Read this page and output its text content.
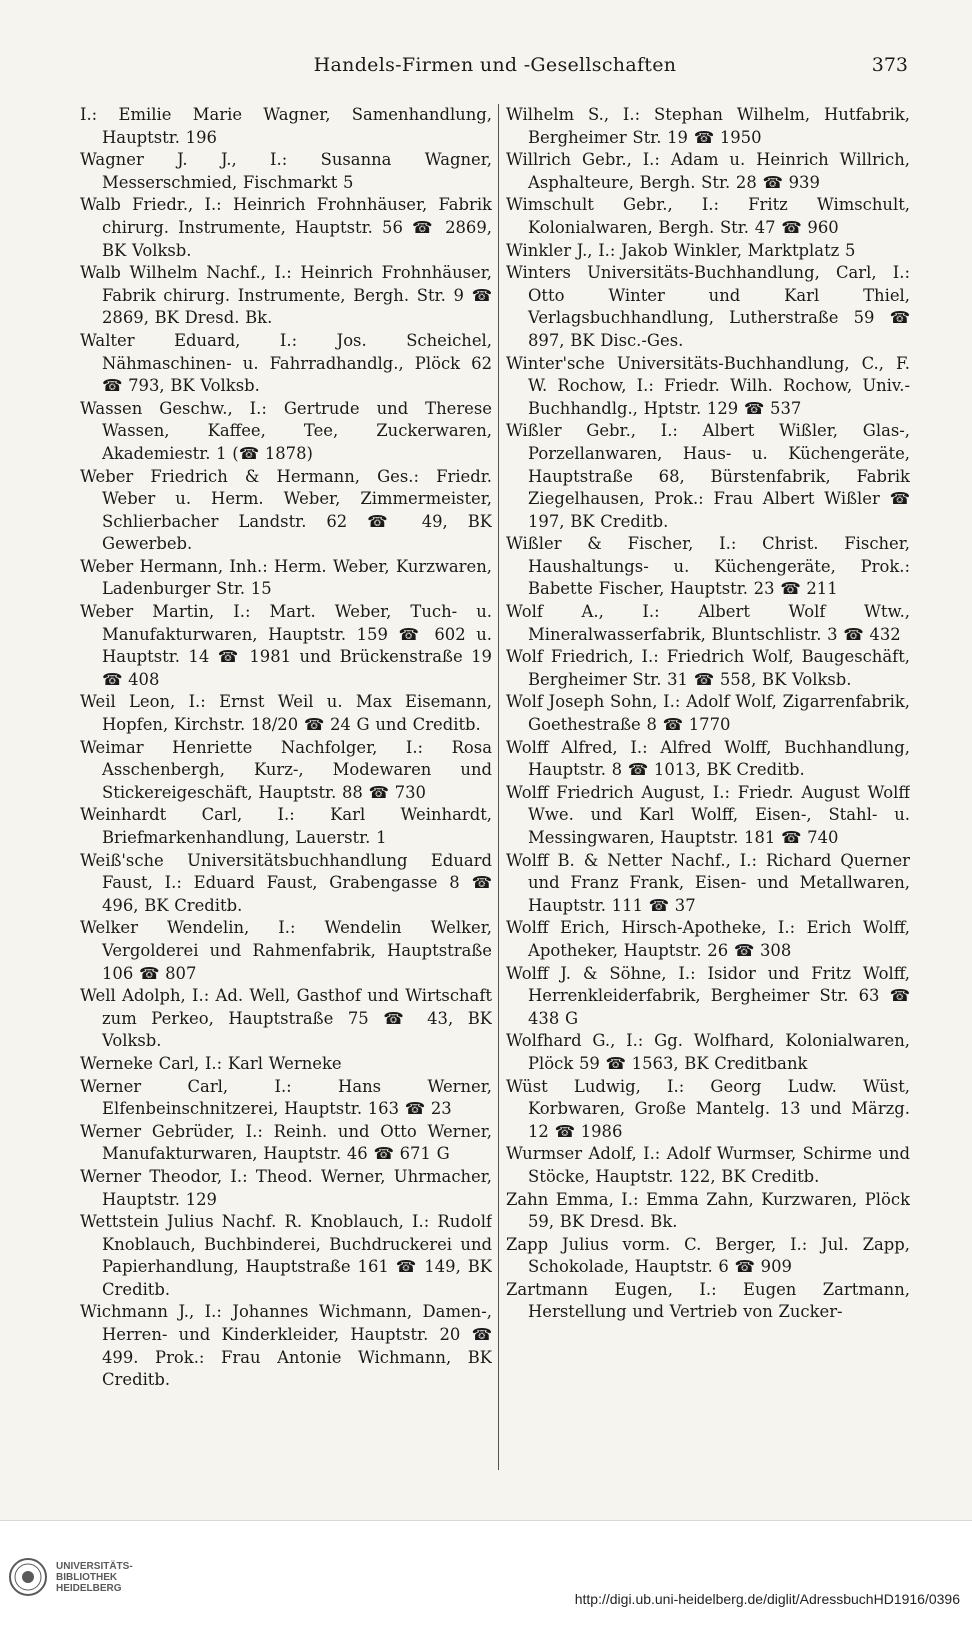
Handels-Firmen und -Gesellschaften	373

I.: Emilie Marie Wagner, Samenhandlung, Hauptstr. 196

Wagner J. J., I.: Susanna Wagner, Messerschmied, Fischmarkt 5

Walb Friedr., I.: Heinrich Frohnhäuser, Fabrik chirurg. Instrumente, Hauptstr. 56 ☎ 2869, BK Volksb.

Walb Wilhelm Nachf., I.: Heinrich Frohnhäuser, Fabrik chirurg. Instrumente, Bergh. Str. 9 ☎ 2869, BK Dresd. Bk.

Walter Eduard, I.: Jos. Scheichel, Nähmaschinen- u. Fahrradhandlg., Plöck 62 ☎ 793, BK Volksb.

Wassen Geschw., I.: Gertrude und Therese Wassen, Kaffee, Tee, Zuckerwaren, Akademiestr. 1 (☎ 1878)

Weber Friedrich & Hermann, Ges.: Friedr. Weber u. Herm. Weber, Zimmermeister, Schlierbacher Landstr. 62 ☎ 49, BK Gewerbeb.

Weber Hermann, Inh.: Herm. Weber, Kurzwaren, Ladenburger Str. 15

Weber Martin, I.: Mart. Weber, Tuch- u. Manufakturwaren, Hauptstr. 159 ☎ 602 u. Hauptstr. 14 ☎ 1981 und Brückenstraße 19 ☎ 408

Weil Leon, I.: Ernst Weil u. Max Eisemann, Hopfen, Kirchstr. 18/20 ☎ 24 G und Creditb.

Weimar Henriette Nachfolger, I.: Rosa Asschenbergh, Kurz-, Modewaren und Stickereigeschäft, Hauptstr. 88 ☎ 730

Weinhardt Carl, I.: Karl Weinhardt, Briefmarkenhandlung, Lauerstr. 1

Weiß'sche Universitätsbuchhandlung Eduard Faust, I.: Eduard Faust, Grabengasse 8 ☎ 496, BK Creditb.

Welker Wendelin, I.: Wendelin Welker, Vergolderei und Rahmenfabrik, Hauptstraße 106 ☎ 807

Well Adolph, I.: Ad. Well, Gasthof und Wirtschaft zum Perkeo, Hauptstraße 75 ☎ 43, BK Volksb.

Werneke Carl, I.: Karl Werneke

Werner Carl, I.: Hans Werner, Elfenbeinschnitzerei, Hauptstr. 163 ☎ 23

Werner Gebrüder, I.: Reinh. und Otto Werner, Manufakturwaren, Hauptstr. 46 ☎ 671 G

Werner Theodor, I.: Theod. Werner, Uhrmacher, Hauptstr. 129

Wettstein Julius Nachf. R. Knoblauch, I.: Rudolf Knoblauch, Buchbinderei, Buchdruckerei und Papierhandlung, Hauptstraße 161 ☎ 149, BK Creditb.

Wichmann J., I.: Johannes Wichmann, Damen-, Herren- und Kinderkleider, Hauptstr. 20 ☎ 499. Prok.: Frau Antonie Wichmann, BK Creditb.

Wilhelm S., I.: Stephan Wilhelm, Hutfabrik, Bergheimer Str. 19 ☎ 1950

Willrich Gebr., I.: Adam u. Heinrich Willrich, Asphalteure, Bergh. Str. 28 ☎ 939

Wimschult Gebr., I.: Fritz Wimschult, Kolonialwaren, Bergh. Str. 47 ☎ 960

Winkler J., I.: Jakob Winkler, Marktplatz 5

Winters Universitäts-Buchhandlung, Carl, I.: Otto Winter und Karl Thiel, Verlagsbuchhandlung, Lutherstraße 59 ☎ 897, BK Disc.-Ges.

Winter'sche Universitäts-Buchhandlung, C., F. W. Rochow, I.: Friedr. Wilh. Rochow, Univ.-Buchhandlg., Hptstr. 129 ☎ 537

Wißler Gebr., I.: Albert Wißler, Glas-, Porzellanwaren, Haus- u. Küchengeräte, Hauptstraße 68, Bürstenfabrik, Fabrik Ziegelhausen, Prok.: Frau Albert Wißler ☎ 197, BK Creditb.

Wißler & Fischer, I.: Christ. Fischer, Haushaltungs- u. Küchengeräte, Prok.: Babette Fischer, Hauptstr. 23 ☎ 211

Wolf A., I.: Albert Wolf Wtw., Mineralwasserfabrik, Bluntschlistr. 3 ☎ 432

Wolf Friedrich, I.: Friedrich Wolf, Baugeschäft, Bergheimer Str. 31 ☎ 558, BK Volksb.

Wolf Joseph Sohn, I.: Adolf Wolf, Zigarrenfabrik, Goethestraße 8 ☎ 1770

Wolff Alfred, I.: Alfred Wolff, Buchhandlung, Hauptstr. 8 ☎ 1013, BK Creditb.

Wolff Friedrich August, I.: Friedr. August Wolff Wwe. und Karl Wolff, Eisen-, Stahl- u. Messingwaren, Hauptstr. 181 ☎ 740

Wolff B. & Netter Nachf., I.: Richard Querner und Franz Frank, Eisen- und Metallwaren, Hauptstr. 111 ☎ 37

Wolff Erich, Hirsch-Apotheke, I.: Erich Wolff, Apotheker, Hauptstr. 26 ☎ 308

Wolff J. & Söhne, I.: Isidor und Fritz Wolff, Herrenkleiderfabrik, Bergheimer Str. 63 ☎ 438 G

Wolfhard G., I.: Gg. Wolfhard, Kolonialwaren, Plöck 59 ☎ 1563, BK Creditbank

Wüst Ludwig, I.: Georg Ludw. Wüst, Korbwaren, Große Mantelg. 13 und Märzg. 12 ☎ 1986

Wurmser Adolf, I.: Adolf Wurmser, Schirme und Stöcke, Hauptstr. 122, BK Creditb.

Zahn Emma, I.: Emma Zahn, Kurzwaren, Plöck 59, BK Dresd. Bk.

Zapp Julius vorm. C. Berger, I.: Jul. Zapp, Schokolade, Hauptstr. 6 ☎ 909

Zartmann Eugen, I.: Eugen Zartmann, Herstellung und Vertrieb von Zucker-

UNIVERSITÄTS-
BIBLIOTHEK
HEIDELBERG
http://digi.ub.uni-heidelberg.de/diglit/AdressbuchHD1916/0396
